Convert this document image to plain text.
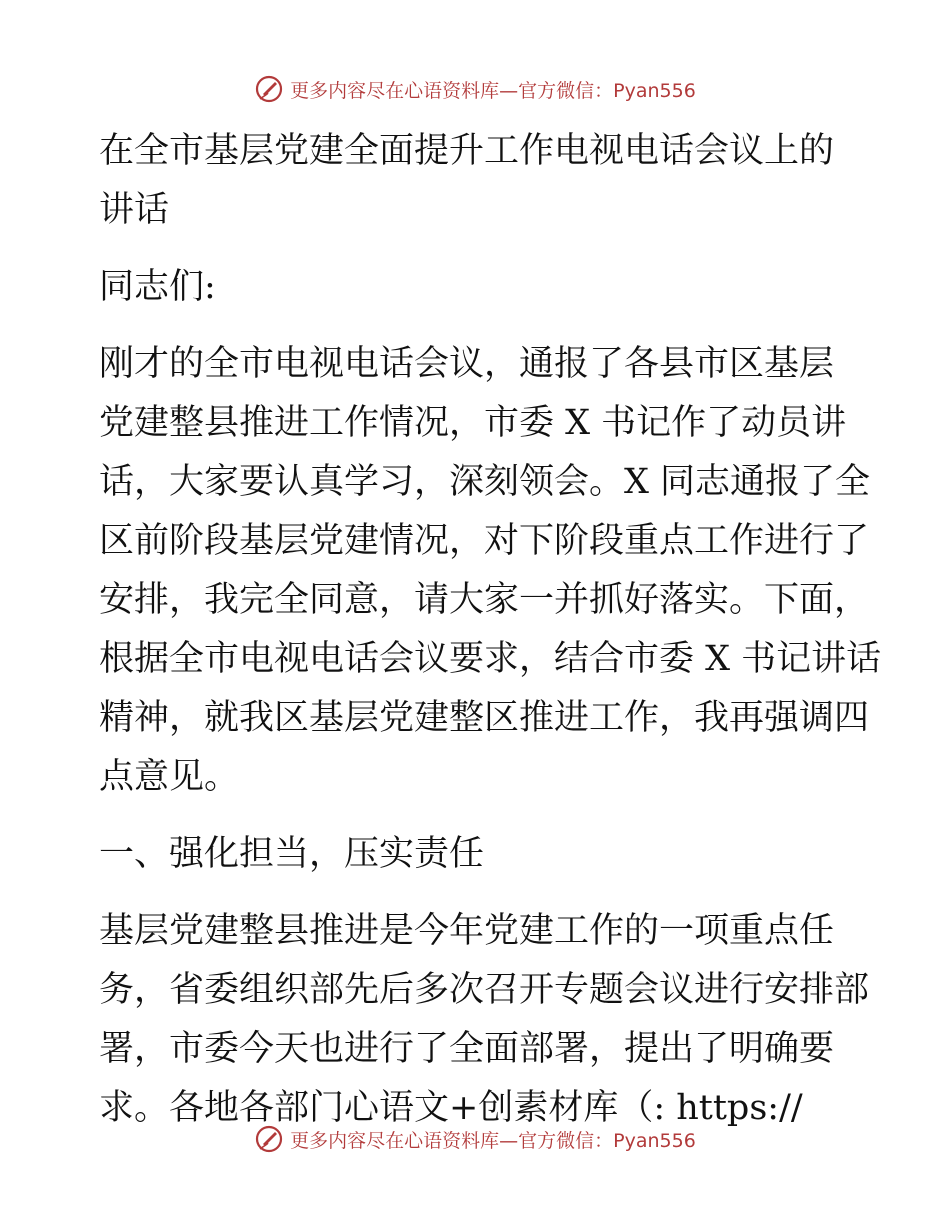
更多内容尽在心语资料库—官方微信：Pyan556
在全市基层党建全面提升工作电视电话会议上的
讲话
同志们:
刚才的全市电视电话会议，通报了各县市区基层
党建整县推进工作情况，市委 X 书记作了动员讲
话，大家要认真学习，深刻领会。X 同志通报了全
区前阶段基层党建情况，对下阶段重点工作进行了
安排，我完全同意，请大家一并抓好落实。下面，
根据全市电视电话会议要求，结合市委 X 书记讲话
精神，就我区基层党建整区推进工作，我再强调四
点意见。
一、强化担当，压实责任
基层党建整县推进是今年党建工作的一项重点任
务，省委组织部先后多次召开专题会议进行安排部
署，市委今天也进行了全面部署，提出了明确要
求。各地各部门心语文+创素材库（: https://
更多内容尽在心语资料库—官方微信：Pyan556
